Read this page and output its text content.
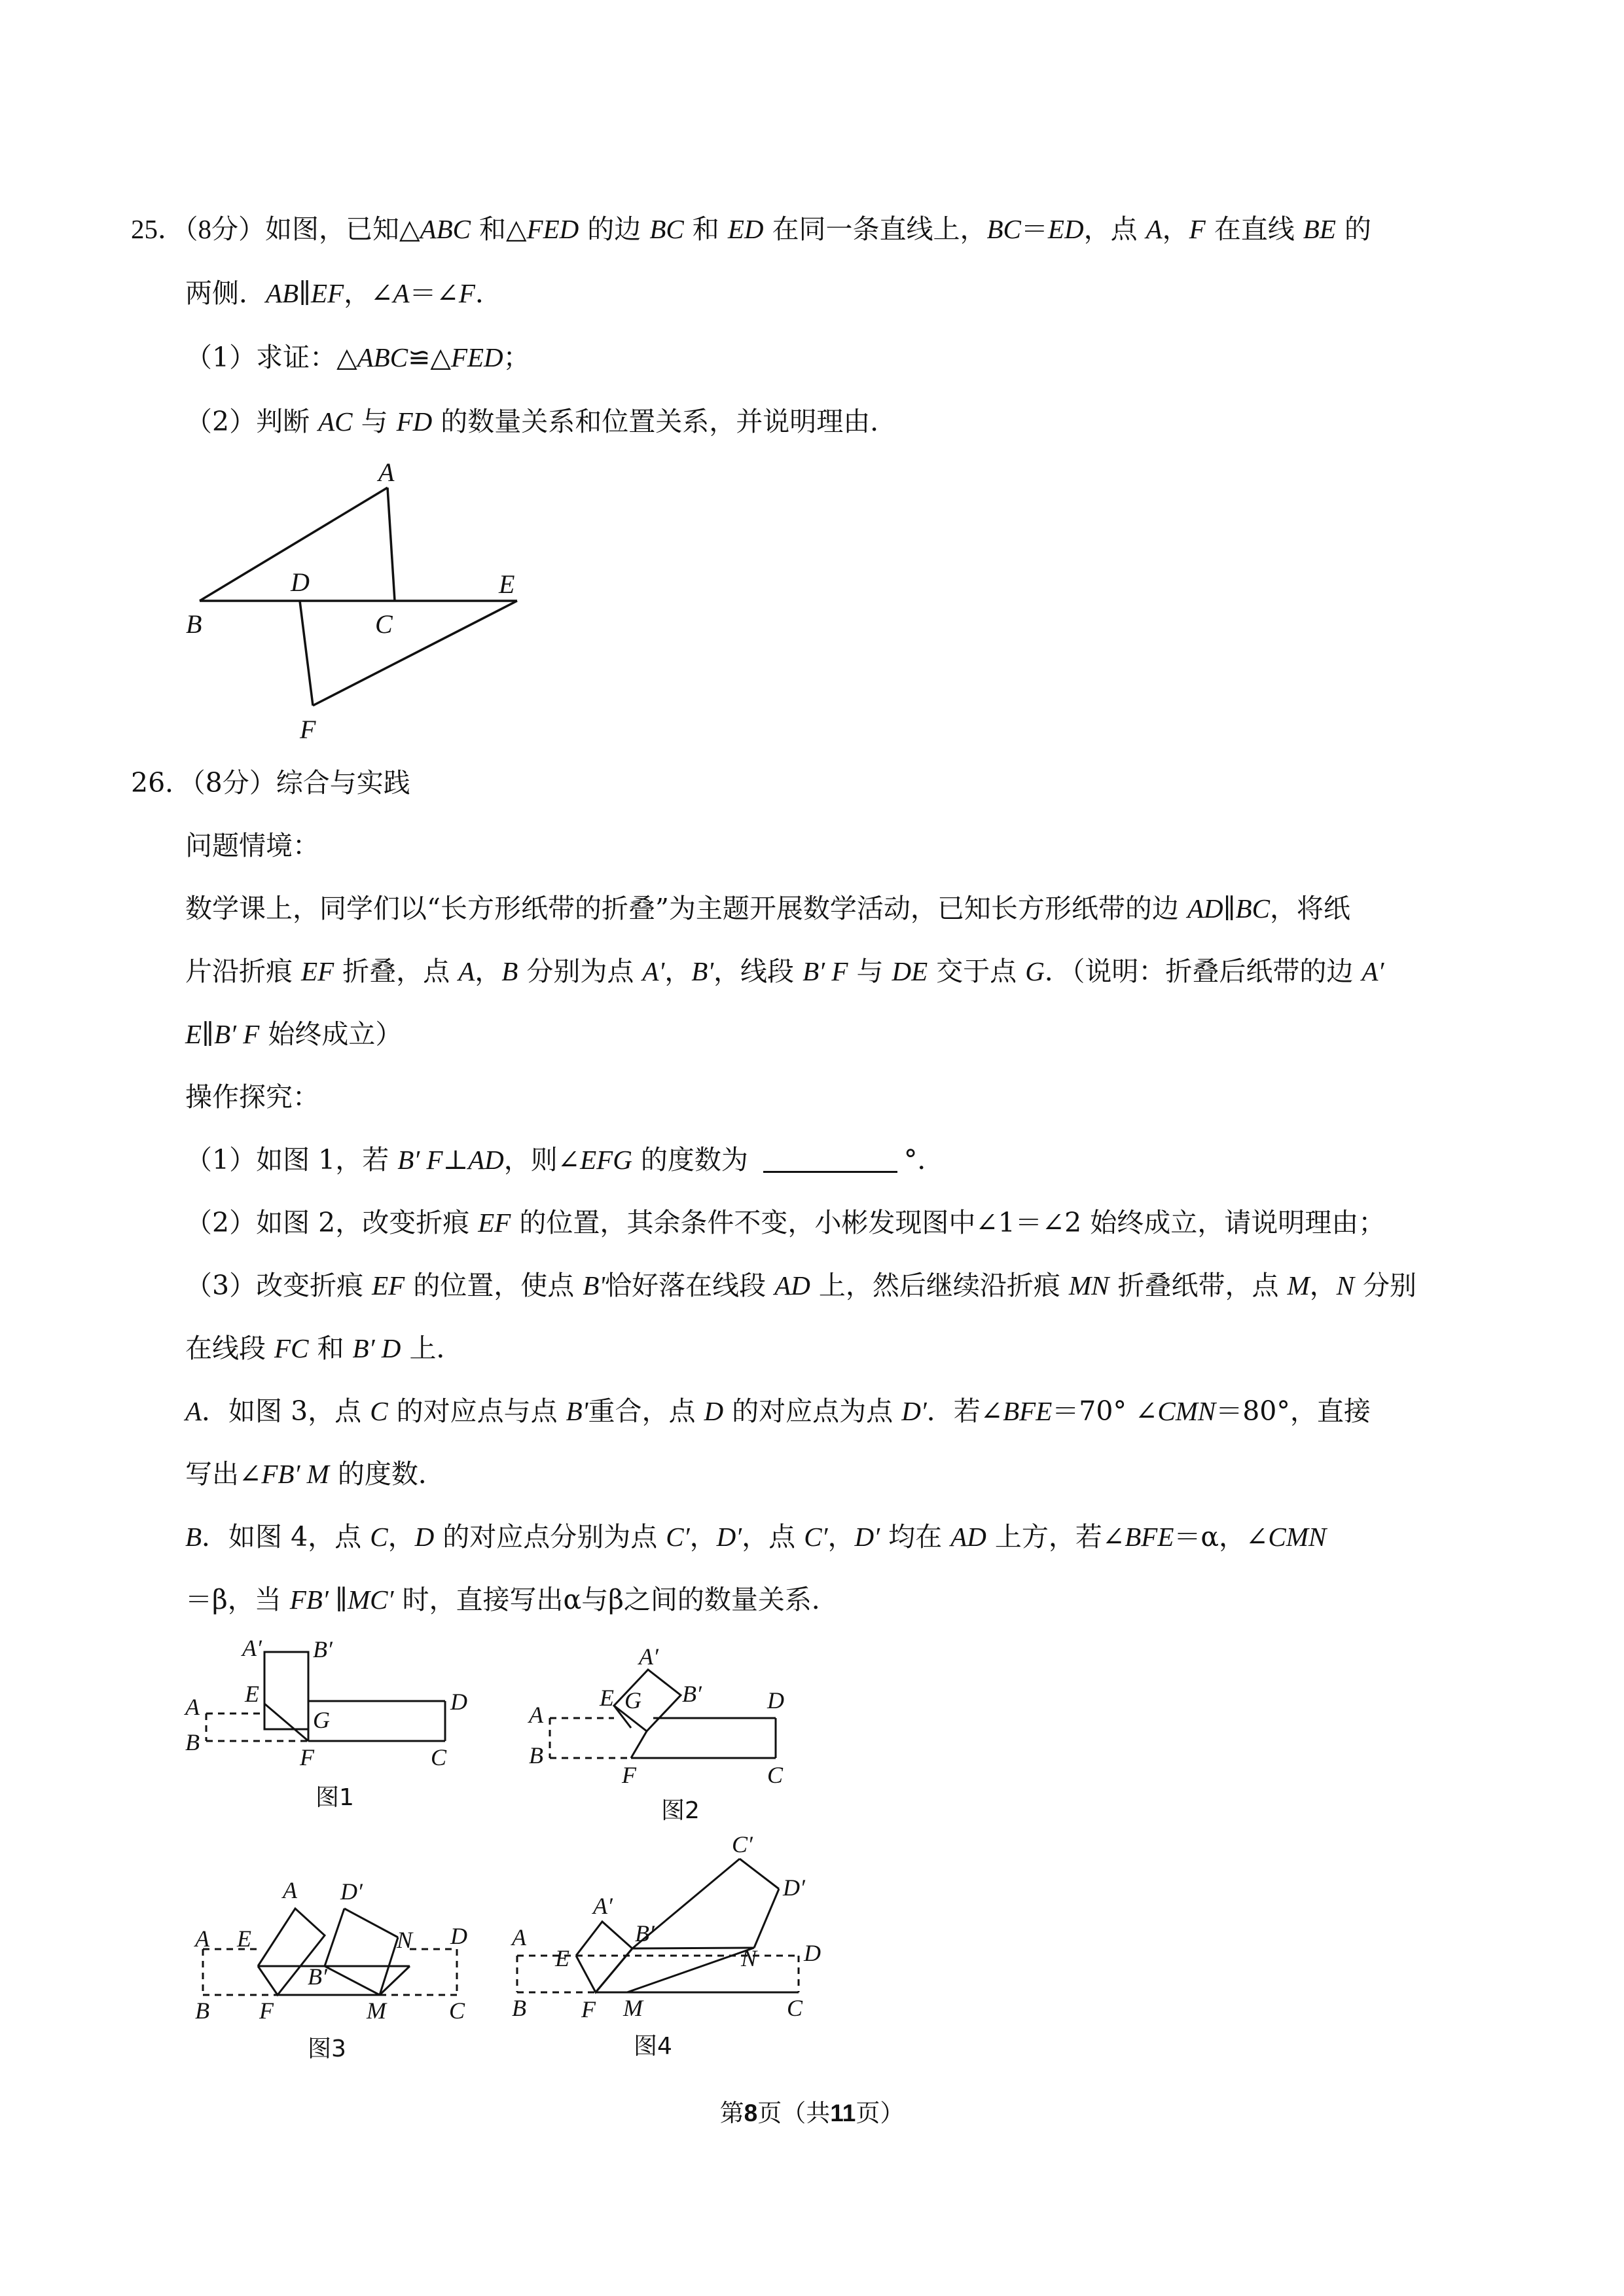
25．（8分）如图，已知△ABC 和△FED 的边 BC 和 ED 在同一条直线上，BC＝ED，点 A，F 在直线 BE 的
两侧．AB∥EF，∠A＝∠F．
（1）求证：△ABC≌△FED；
（2）判断 AC 与 FD 的数量关系和位置关系，并说明理由．
A
B	C
D	E
F
26．（8分）综合与实践
问题情境：
数学课上，同学们以“长方形纸带的折叠”为主题开展数学活动，已知长方形纸带的边 AD∥BC，将纸
片沿折痕 EF 折叠，点 A，B 分别为点 A'，B'，线段 B′ F 与 DE 交于点 G．（说明：折叠后纸带的边 A′
E∥B′ F 始终成立）
操作探究：
（1）如图 1，若 B′ F⊥AD，则∠EFG 的度数为	°．
（2）如图 2，改变折痕 EF 的位置，其余条件不变，小彬发现图中∠1＝∠2 始终成立，请说明理由；
（3）改变折痕 EF 的位置，使点 B'恰好落在线段 AD 上，然后继续沿折痕 MN 折叠纸带，点 M，N 分别
在线段 FC 和 B′ D 上．
A．如图 3，点 C 的对应点与点 B'重合，点 D 的对应点为点 D′．若∠BFE＝70° ∠CMN＝80°，直接
写出∠FB′ M 的度数．
B．如图 4，点 C，D 的对应点分别为点 C′，D′，点 C′，D′ 均在 AD 上方，若∠BFE＝α，∠CMN
＝β，当 FB′ ∥MC′ 时，直接写出α与β之间的数量关系．
A′ B′
E
A	G
D
B
F	C
图1
A′
B′
E G	D
A
B
F	C
图2
A D′
A E	N D
B′
B F	M	C
图3
C′
D′
A′
B′
A
E	N D
B F M	C
图4
第8页（共11页）
